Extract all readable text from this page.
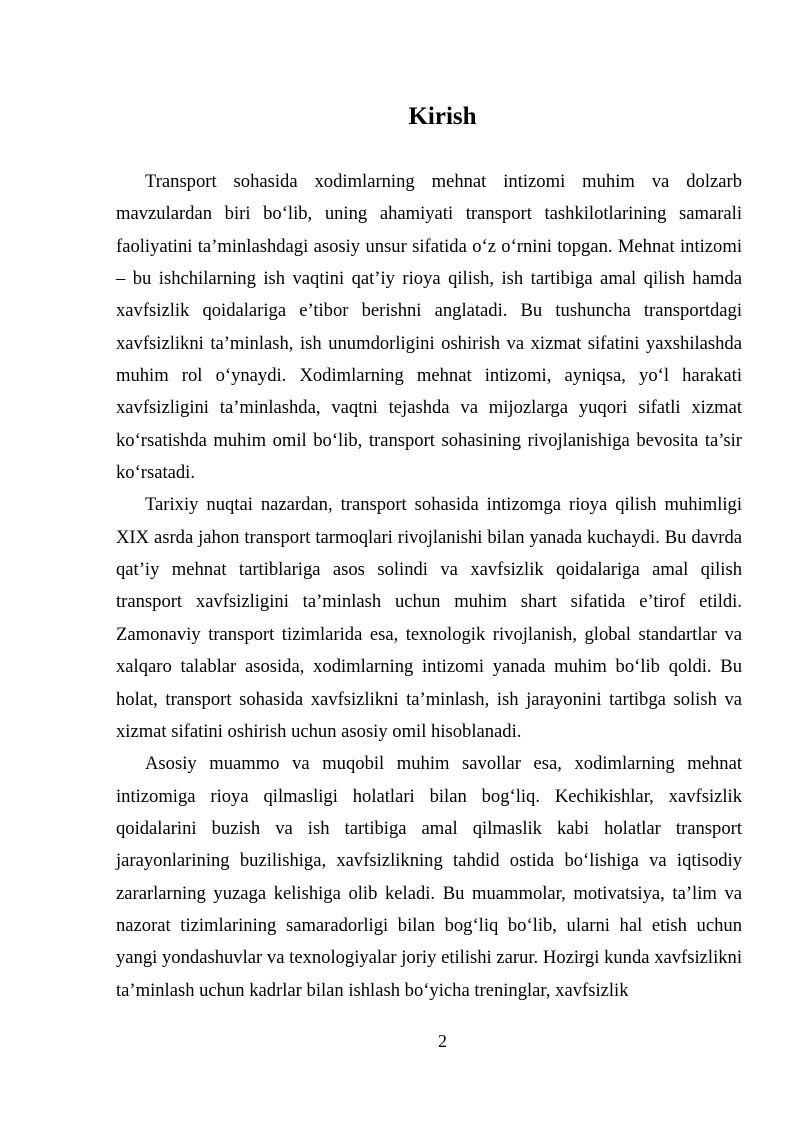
Kirish

Transport sohasida xodimlarning mehnat intizomi muhim va dolzarb mavzulardan biri bo‘lib, uning ahamiyati transport tashkilotlarining samarali faoliyatini ta’minlashdagi asosiy unsur sifatida o‘z o‘rnini topgan. Mehnat intizomi – bu ishchilarning ish vaqtini qat’iy rioya qilish, ish tartibiga amal qilish hamda xavfsizlik qoidalariga e’tibor berishni anglatadi. Bu tushuncha transportdagi xavfsizlikni ta’minlash, ish unumdorligini oshirish va xizmat sifatini yaxshilashda muhim rol o‘ynaydi. Xodimlarning mehnat intizomi, ayniqsa, yo‘l harakati xavfsizligini ta’minlashda, vaqtni tejashda va mijozlarga yuqori sifatli xizmat ko‘rsatishda muhim omil bo‘lib, transport sohasining rivojlanishiga bevosita ta’sir ko‘rsatadi.

Tarixiy nuqtai nazardan, transport sohasida intizomga rioya qilish muhimligi XIX asrda jahon transport tarmoqlari rivojlanishi bilan yanada kuchaydi. Bu davrda qat’iy mehnat tartiblariga asos solindi va xavfsizlik qoidalariga amal qilish transport xavfsizligini ta’minlash uchun muhim shart sifatida e’tirof etildi. Zamonaviy transport tizimlarida esa, texnologik rivojlanish, global standartlar va xalqaro talablar asosida, xodimlarning intizomi yanada muhim bo‘lib qoldi. Bu holat, transport sohasida xavfsizlikni ta’minlash, ish jarayonini tartibga solish va xizmat sifatini oshirish uchun asosiy omil hisoblanadi.

Asosiy muammo va muqobil muhim savollar esa, xodimlarning mehnat intizomiga rioya qilmasligi holatlari bilan bog‘liq. Kechikishlar, xavfsizlik qoidalarini buzish va ish tartibiga amal qilmaslik kabi holatlar transport jarayonlarining buzilishiga, xavfsizlikning tahdid ostida bo‘lishiga va iqtisodiy zararlarning yuzaga kelishiga olib keladi. Bu muammolar, motivatsiya, ta’lim va nazorat tizimlarining samaradorligi bilan bog‘liq bo‘lib, ularni hal etish uchun yangi yondashuvlar va texnologiyalar joriy etilishi zarur. Hozirgi kunda xavfsizlikni ta’minlash uchun kadrlar bilan ishlash bo‘yicha treninglar, xavfsizlik

2
